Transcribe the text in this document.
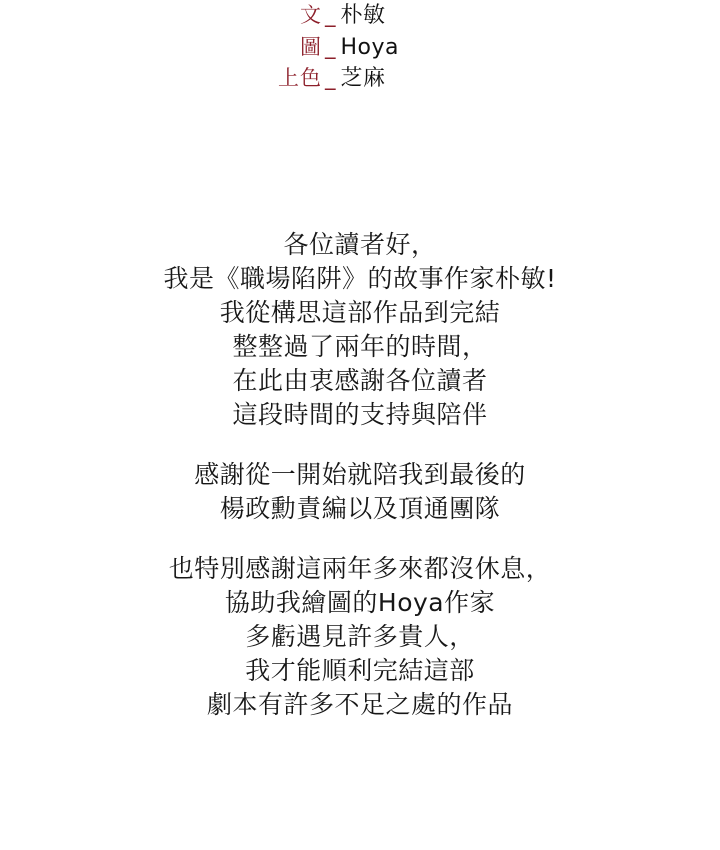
文 _ 朴敏
圖 _ Hoya
上色 _ 芝麻
各位讀者好，
我是《職場陷阱》的故事作家朴敏!
我從構思這部作品到完結
整整過了兩年的時間，
在此由衷感謝各位讀者
這段時間的支持與陪伴
感謝從一開始就陪我到最後的
楊政勳責編以及頂通團隊
也特別感謝這兩年多來都沒休息，
協助我繪圖的Hoya作家
多虧遇見許多貴人，
我才能順利完結這部
劇本有許多不足之處的作品
